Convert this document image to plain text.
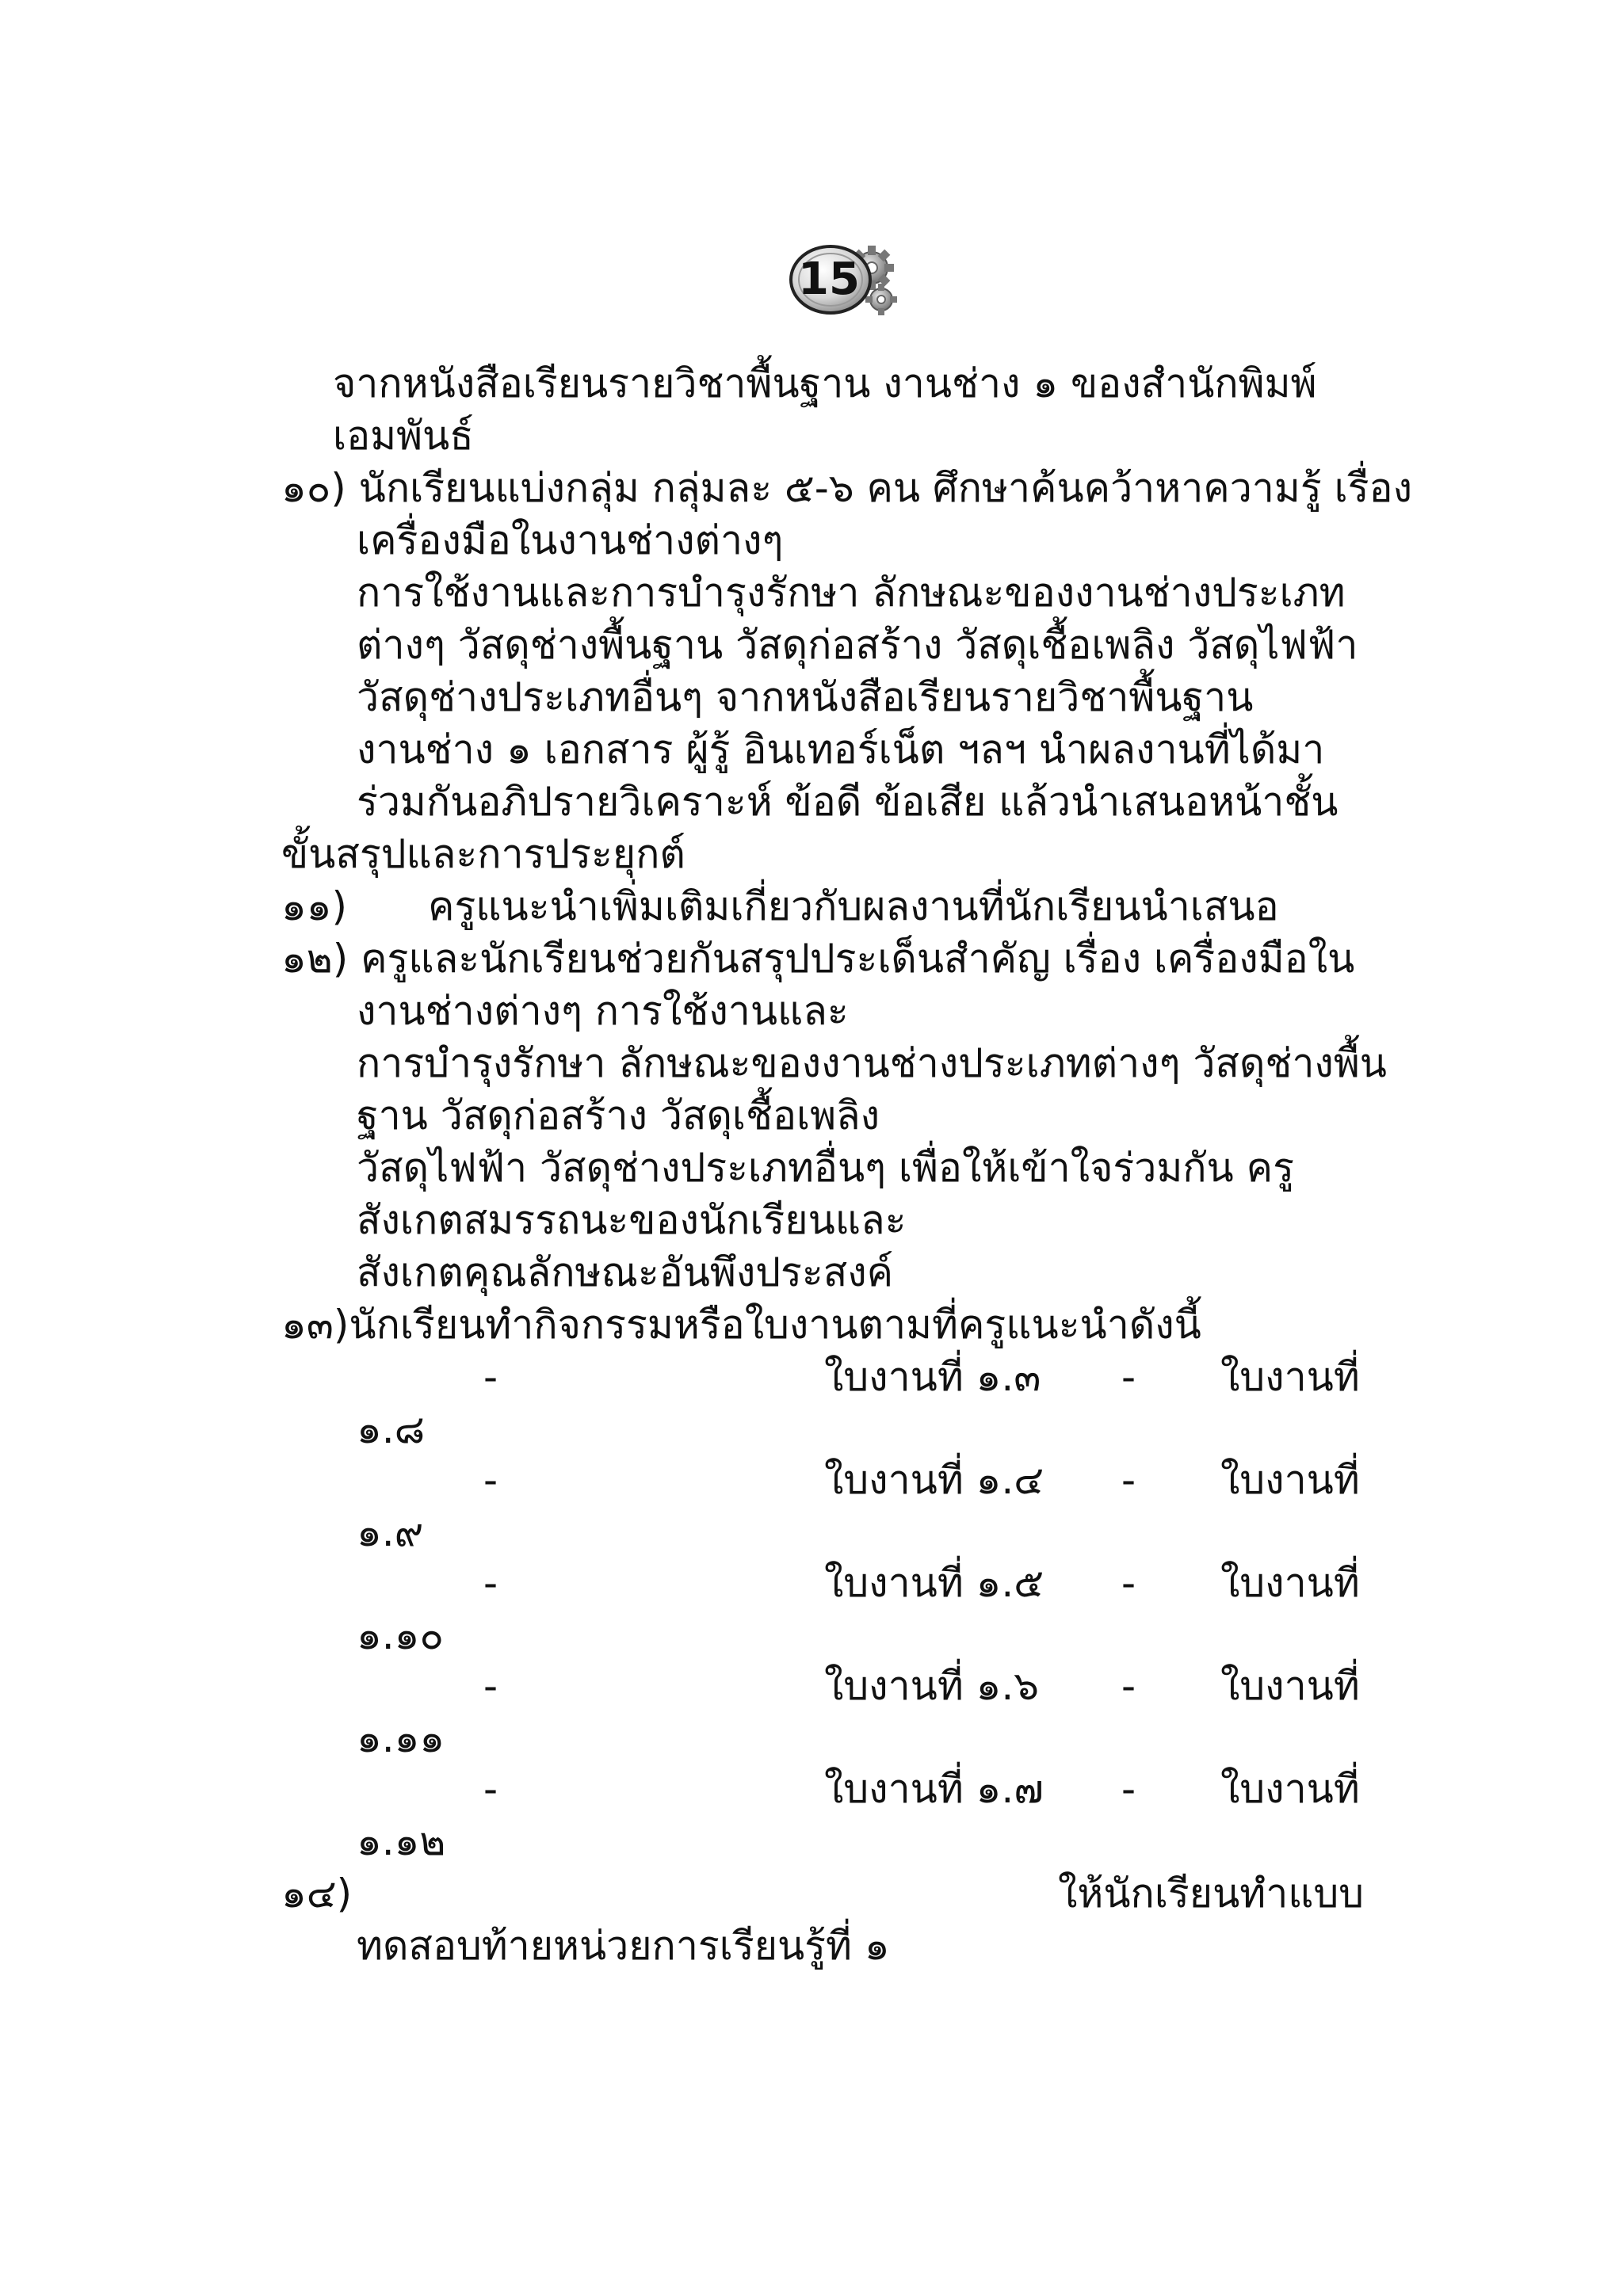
15
จากหนังสือเรียนรายวิชาพื้นฐาน งานช่าง ๑ ของสำนักพิมพ์
เอมพันธ์
๑๐) นักเรียนแบ่งกลุ่ม กลุ่มละ ๕-๖ คน ศึกษาค้นคว้าหาความรู้ เรื่อง
เครื่องมือในงานช่างต่างๆ
การใช้งานและการบำรุงรักษา ลักษณะของงานช่างประเภท
ต่างๆ วัสดุช่างพื้นฐาน วัสดุก่อสร้าง วัสดุเชื้อเพลิง วัสดุไฟฟ้า
วัสดุช่างประเภทอื่นๆ จากหนังสือเรียนรายวิชาพื้นฐาน
งานช่าง ๑ เอกสาร ผู้รู้ อินเทอร์เน็ต ฯลฯ นำผลงานที่ได้มา
ร่วมกันอภิปรายวิเคราะห์ ข้อดี ข้อเสีย แล้วนำเสนอหน้าชั้น
ขั้นสรุปและการประยุกต์
๑๑) ครูแนะนำเพิ่มเติมเกี่ยวกับผลงานที่นักเรียนนำเสนอ
๑๒) ครูและนักเรียนช่วยกันสรุปประเด็นสำคัญ เรื่อง เครื่องมือใน
งานช่างต่างๆ การใช้งานและ
การบำรุงรักษา ลักษณะของงานช่างประเภทต่างๆ วัสดุช่างพื้น
ฐาน วัสดุก่อสร้าง วัสดุเชื้อเพลิง
วัสดุไฟฟ้า วัสดุช่างประเภทอื่นๆ เพื่อให้เข้าใจร่วมกัน ครู
สังเกตสมรรถนะของนักเรียนและ
สังเกตคุณลักษณะอันพึงประสงค์
๑๓)นักเรียนทำกิจกรรมหรือใบงานตามที่ครูแนะนำดังนี้
-	ใบงานที่ ๑.๓ - ใบงานที่
๑.๘
-	ใบงานที่ ๑.๔ - ใบงานที่
๑.๙
-	ใบงานที่ ๑.๕ - ใบงานที่
๑.๑๐
-	ใบงานที่ ๑.๖ - ใบงานที่
๑.๑๑
-	ใบงานที่ ๑.๗ - ใบงานที่
๑.๑๒
๑๔)	ให้นักเรียนทำแบบ
ทดสอบท้ายหน่วยการเรียนรู้ที่ ๑
